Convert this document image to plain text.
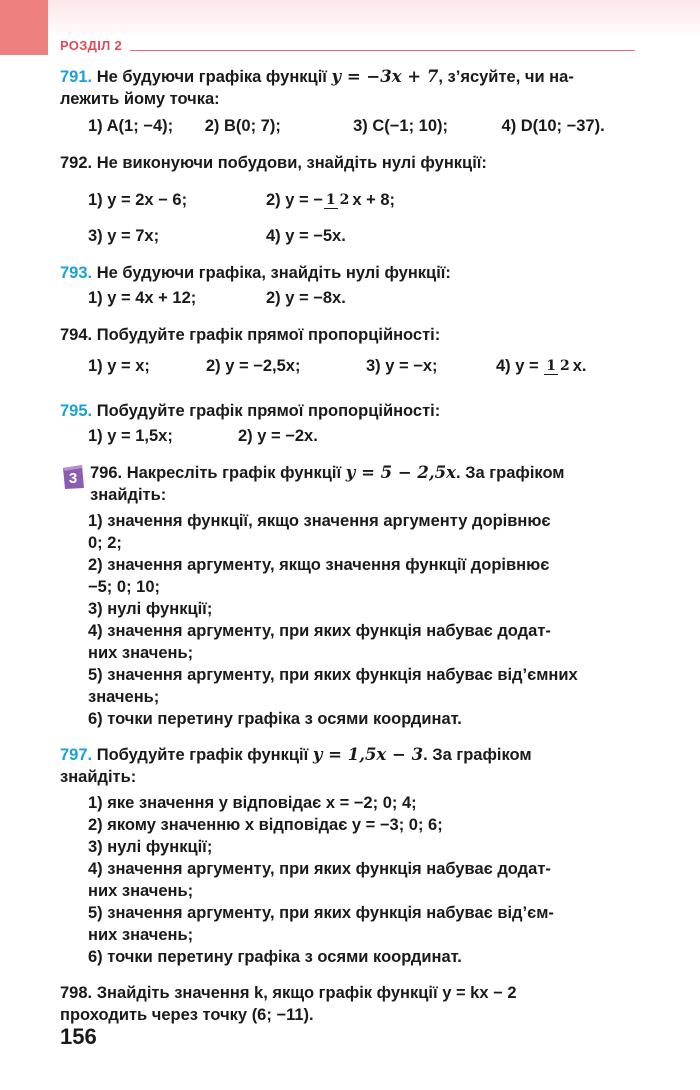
РОЗДІЛ 2
791. Не будуючи графіка функції y = −3x + 7, з’ясуйте, чи на-
лежить йому точка:
1) A(1; −4);	2) B(0; 7);	3) C(−1; 10);	4) D(10; −37).
792. Не виконуючи побудови, знайдіть нулі функції:
1) y = 2x − 6;	2) y = − 1 2 x + 8;
3) y = 7x;	4) y = −5x.
793. Не будуючи графіка, знайдіть нулі функції:
1) y = 4x + 12;	2) y = −8x.
794. Побудуйте графік прямої пропорційності:
1) y = x;	2) y = −2,5x;	3) y = −x;	4) y = 1 2 x.
795. Побудуйте графік прямої пропорційності:
1) y = 1,5x;	2) y = −2x.
3 796. Накресліть графік функції y = 5 − 2,5x. За графіком
знайдіть:
1) значення функції, якщо значення аргументу дорівнює
0; 2;
2) значення аргументу, якщо значення функції дорівнює
−5; 0; 10;
3) нулі функції;
4) значення аргументу, при яких функція набуває додат-
них значень;
5) значення аргументу, при яких функція набуває від’ємних
значень;
6) точки перетину графіка з осями координат.
797. Побудуйте графік функції y = 1,5x − 3. За графіком
знайдіть:
1) яке значення y відповідає x = −2; 0; 4;
2) якому значенню x відповідає y = −3; 0; 6;
3) нулі функції;
4) значення аргументу, при яких функція набуває додат-
них значень;
5) значення аргументу, при яких функція набуває від’єм-
них значень;
6) точки перетину графіка з осями координат.
798. Знайдіть значення k, якщо графік функції y = kx − 2
проходить через точку (6; −11).
156
